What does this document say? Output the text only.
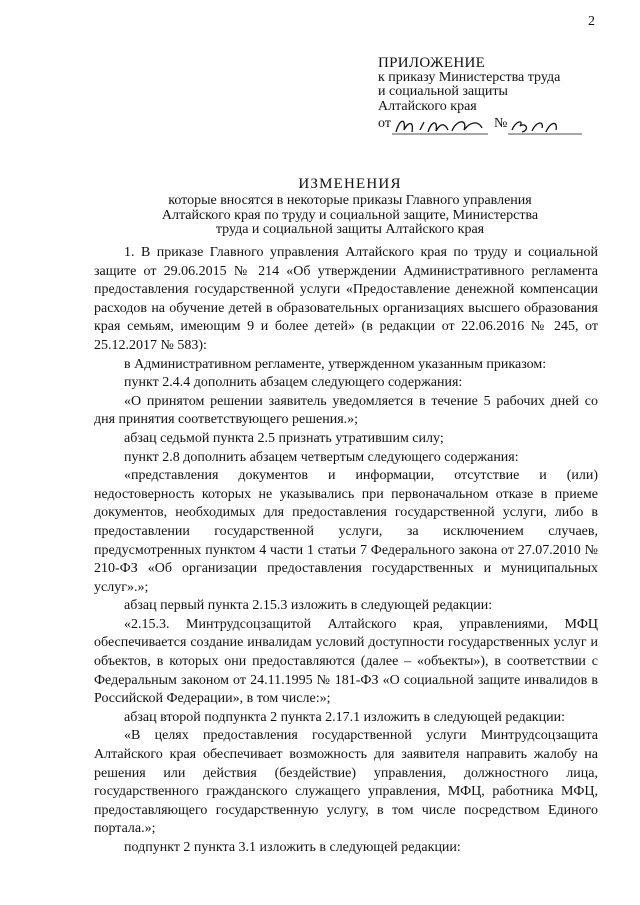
2
ПРИЛОЖЕНИЕ
к приказу Министерства труда
и социальной защиты
Алтайского края
от	№
ИЗМЕНЕНИЯ
которые вносятся в некоторые приказы Главного управления
Алтайского края по труду и социальной защите, Министерства
труда и социальной защиты Алтайского края

1. В приказе Главного управления Алтайского края по труду и социальной защите от 29.06.2015 № 214 «Об утверждении Административного регламента предоставления государственной услуги «Предоставление денежной компенсации расходов на обучение детей в образовательных организациях высшего образования края семьям, имеющим 9 и более детей» (в редакции от 22.06.2016 № 245, от 25.12.2017 № 583):

в Административном регламенте, утвержденном указанным приказом:

пункт 2.4.4 дополнить абзацем следующего содержания:

«О принятом решении заявитель уведомляется в течение 5 рабочих дней со дня принятия соответствующего решения.»;

абзац седьмой пункта 2.5 признать утратившим силу;

пункт 2.8 дополнить абзацем четвертым следующего содержания:

«представления документов и информации, отсутствие и (или) недостоверность которых не указывались при первоначальном отказе в приеме документов, необходимых для предоставления государственной услуги, либо в предоставлении государственной услуги, за исключением случаев, предусмотренных пунктом 4 части 1 статьи 7 Федерального закона от 27.07.2010 № 210-ФЗ «Об организации предоставления государственных и муниципальных услуг».»;

абзац первый пункта 2.15.3 изложить в следующей редакции:

«2.15.3. Минтрудсоцзащитой Алтайского края, управлениями, МФЦ обеспечивается создание инвалидам условий доступности государственных услуг и объектов, в которых они предоставляются (далее – «объекты»), в соответствии с Федеральным законом от 24.11.1995 № 181-ФЗ «О социальной защите инвалидов в Российской Федерации», в том числе:»;

абзац второй подпункта 2 пункта 2.17.1 изложить в следующей редакции:

«В целях предоставления государственной услуги Минтрудсоцзащита Алтайского края обеспечивает возможность для заявителя направить жалобу на решения или действия (бездействие) управления, должностного лица, государственного гражданского служащего управления, МФЦ, работника МФЦ, предоставляющего государственную услугу, в том числе посредством Единого портала.»;

подпункт 2 пункта 3.1 изложить в следующей редакции:
